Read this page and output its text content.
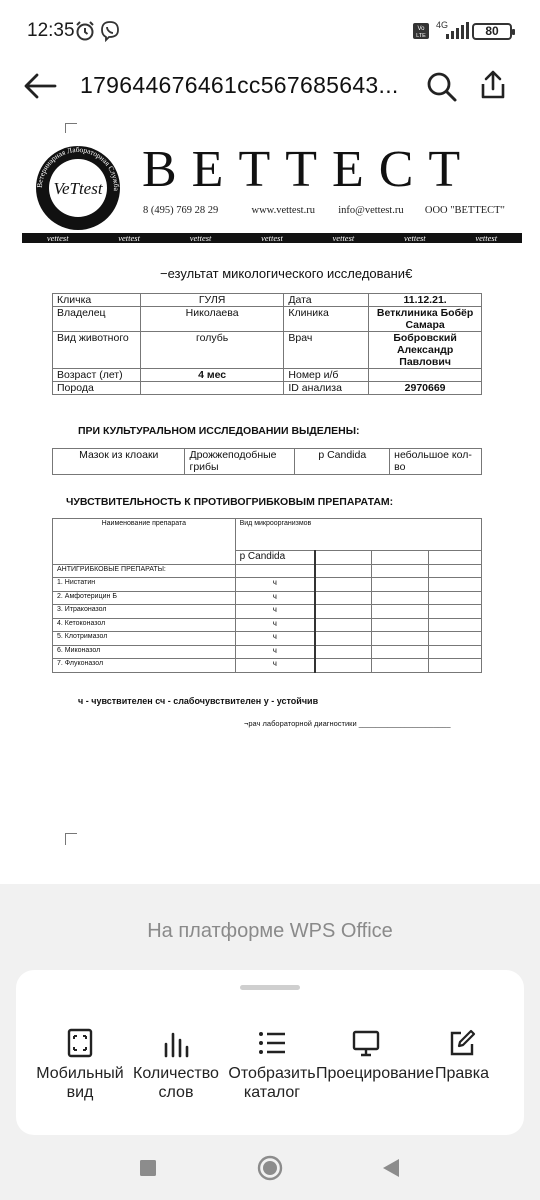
12:35	Vo
LTE
4G	80
179644676461cc567685643...
VeTtest
Ветеринарная Лабораторная Служба ВЕТТЕСТ
8 (495) 769 28 29	www.vettest.ru info@vettest.ru ООО "ВЕТТЕСТ"
vettest	vettest	vettest	vettest	vettest	vettest	vettest
−езультат микологического исследовани€
Кличка	ГУЛЯ	Дата	11.12.21.
Владелец	Николаева	Клиника	Ветклиника Бобёр Самара
Вид животного	голубь	Врач	Бобровский Александр Павлович
Возраст (лет)	4 мес	Номер и/б	
Порода		ID анализа	2970669
ПРИ КУЛЬТУРАЛЬНОМ ИССЛЕДОВАНИИ ВЫДЕЛЕНЫ:
Мазок из клоаки	Дрожжеподобные грибы	р Candida	небольшое кол-во
ЧУВСТВИТЕЛЬНОСТЬ К ПРОТИВОГРИБКОВЫМ ПРЕПАРАТАМ:
Наименование препарата	Вид микроорганизмов			
	р Candida			
АНТИГРИБКОВЫЕ ПРЕПАРАТЫ:				
1. Нистатин	ч			
2. Амфотерицин Б	ч			
3. Итраконазол	ч			
4. Кетоконазол	ч			
5. Клотримазол	ч			
6. Миконазол	ч			
7. Флуконазол	ч			
ч - чувствителен сч - слабочувствителен у - устойчив
¬рач лабораторной диагностики ______________________
На платформе WPS Office
Мобильный вид
Количество слов
Отобразить каталог
Проецирование Правка
